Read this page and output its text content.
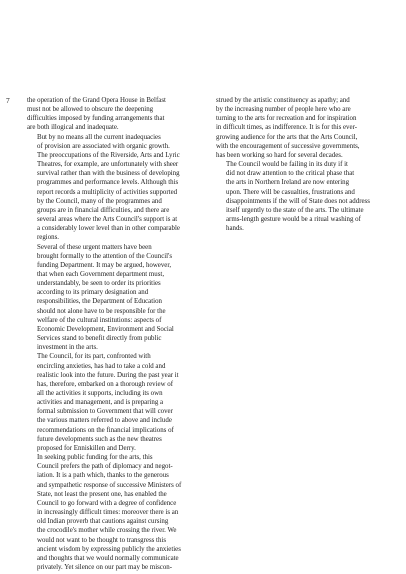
7	the operation of the Grand Opera House in Belfast
must not be allowed to obscure the deepening
difficulties imposed by funding arrangements that
are both illogical and inadequate.

But by no means all the current inadequacies
of provision are associated with organic growth.
The preoccupations of the Riverside, Arts and Lyric
Theatres, for example, are unfortunately with sheer
survival rather than with the business of developing
programmes and performance levels. Although this
report records a multiplicity of activities supported
by the Council, many of the programmes and
groups are in financial difficulties, and there are
several areas where the Arts Council's support is at
a considerably lower level than in other comparable
regions.

Several of these urgent matters have been
brought formally to the attention of the Council's
funding Department. It may be argued, however,
that when each Government department must,
understandably, be seen to order its priorities
according to its primary designation and
responsibilities, the Department of Education
should not alone have to be responsible for the
welfare of the cultural institutions: aspects of
Economic Development, Environment and Social
Services stand to benefit directly from public
investment in the arts.

The Council, for its part, confronted with
encircling anxieties, has had to take a cold and
realistic look into the future. During the past year it
has, therefore, embarked on a thorough review of
all the activities it supports, including its own
activities and management, and is preparing a
formal submission to Government that will cover
the various matters referred to above and include
recommendations on the financial implications of
future developments such as the new theatres
proposed for Enniskillen and Derry.

In seeking public funding for the arts, this
Council prefers the path of diplomacy and negot-
iation. It is a path which, thanks to the generous
and sympathetic response of successive Ministers of
State, not least the present one, has enabled the
Council to go forward with a degree of confidence
in increasingly difficult times: moreover there is an
old Indian proverb that cautions against cursing
the crocodile's mother while crossing the river. We
would not want to be thought to transgress this
ancient wisdom by expressing publicly the anxieties
and thoughts that we would normally communicate
privately. Yet silence on our part may be miscon-

strued by the artistic constituency as apathy; and
by the increasing number of people here who are
turning to the arts for recreation and for inspiration
in difficult times, as indifference. It is for this ever-
growing audience for the arts that the Arts Council,
with the encouragement of successive governments,
has been working so hard for several decades.

The Council would be failing in its duty if it
did not draw attention to the critical phase that
the arts in Northern Ireland are now entering
upon. There will be casualties, frustrations and
disappointments if the will of State does not address
itself urgently to the state of the arts. The ultimate
arms-length gesture would be a ritual washing of
hands.
